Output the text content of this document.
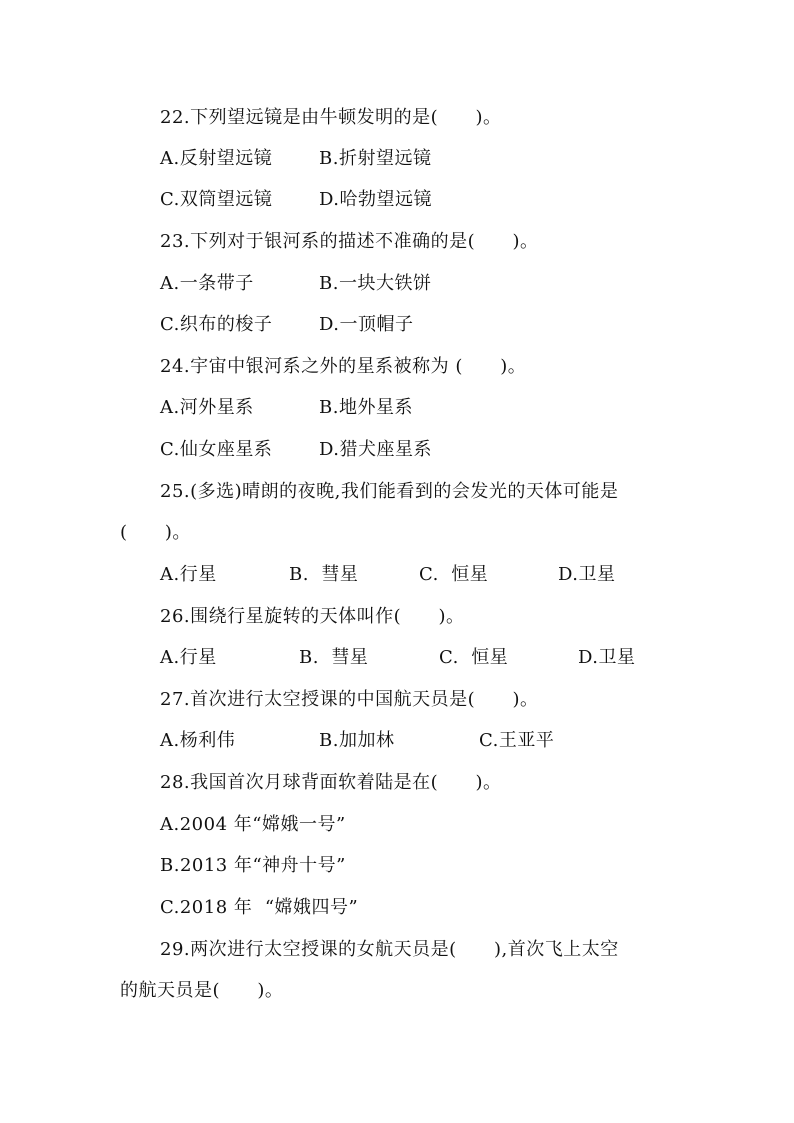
22.下列望远镜是由牛顿发明的是(      )。
A.反射望远镜	B.折射望远镜
C.双筒望远镜	D.哈勃望远镜
23.下列对于银河系的描述不准确的是(      )。
A.一条带子	B.一块大铁饼
C.织布的梭子	D.一顶帽子
24.宇宙中银河系之外的星系被称为 (      )。
A.河外星系	B.地外星系
C.仙女座星系	D.猎犬座星系
25.(多选)晴朗的夜晚,我们能看到的会发光的天体可能是
(      )。
A.行星	B.  彗星	C.  恒星	D.卫星
26.围绕行星旋转的天体叫作(      )。
A.行星	B.  彗星	C.  恒星	D.卫星
27.首次进行太空授课的中国航天员是(      )。
A.杨利伟	B.加加林	C.王亚平
28.我国首次月球背面软着陆是在(      )。
A.2004 年“嫦娥一号”
B.2013 年“神舟十号”
C.2018 年  “嫦娥四号”
29.两次进行太空授课的女航天员是(      ),首次飞上太空
的航天员是(      )。
